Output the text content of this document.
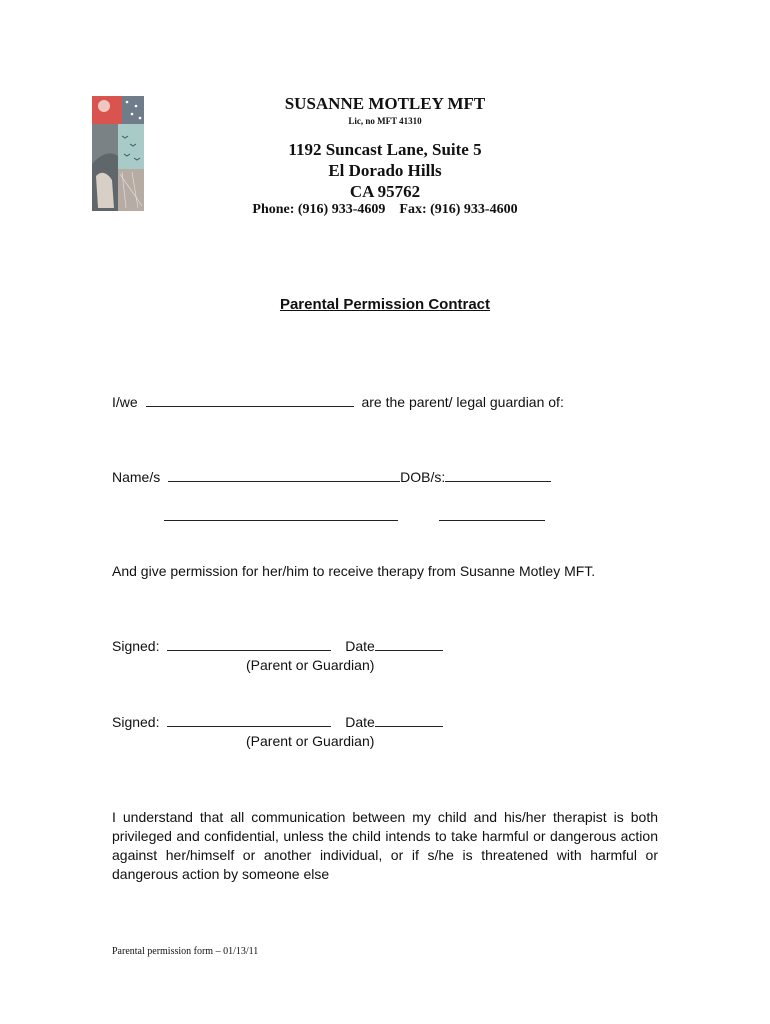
SUSANNE MOTLEY MFT
Lic, no MFT 41310
1192 Suncast Lane, Suite 5
El Dorado Hills
CA 95762
Phone: (916) 933-4609 Fax: (916) 933-4600
Parental Permission Contract
I/we	are the parent/ legal guardian of:
Name/s	DOB/s:
And give permission for her/him to receive therapy from Susanne Motley MFT.
Signed:	Date
(Parent or Guardian)
Signed:	Date
(Parent or Guardian)
I understand that all communication between my child and his/her therapist is both privileged and confidential, unless the child intends to take harmful or dangerous action against her/himself or another individual, or if s/he is threatened with harmful or dangerous action by someone else
Parental permission form – 01/13/11
